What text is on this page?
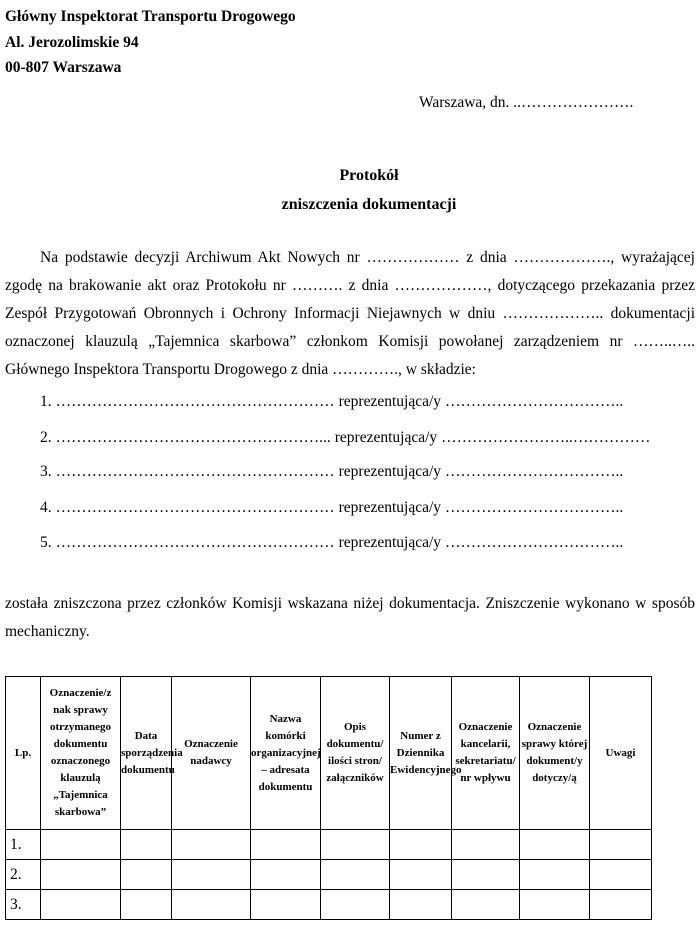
Główny Inspektorat Transportu Drogowego
Al. Jerozolimskie 94
00-807 Warszawa
Warszawa, dn. ..………………….
Protokół
zniszczenia dokumentacji

Na podstawie decyzji Archiwum Akt Nowych nr ……………… z dnia ………………., wyrażającej zgodę na brakowanie akt oraz Protokołu nr ………. z dnia ………………, dotyczącego przekazania przez Zespół Przygotowań Obronnych i Ochrony Informacji Niejawnych w dniu ……………….. dokumentacji oznaczonej klauzulą „Tajemnica skarbowa” członkom Komisji powołanej zarządzeniem nr ……..….. Głównego Inspektora Transportu Drogowego z dnia …………., w składzie:

1. ……………………………………………… reprezentująca/y ……………………………..
2. ……………………………………………... reprezentująca/y ……………………..……………
3. ……………………………………………… reprezentująca/y ……………………………..
4. ……………………………………………… reprezentująca/y ……………………………..
5. ……………………………………………… reprezentująca/y ……………………………..

została zniszczona przez członków Komisji wskazana niżej dokumentacja. Zniszczenie wykonano w sposób mechaniczny.

Lp.	Oznaczenie/z nak sprawy otrzymanego dokumentu oznaczonego klauzulą „Tajemnica skarbowa”	Data sporządzenia dokumentu	Oznaczenie nadawcy	Nazwa komórki organizacyjnej – adresata dokumentu	Opis dokumentu/ ilości stron/ załączników	Numer z Dziennika Ewidencyjnego	Oznaczenie kancelarii, sekretariatu/ nr wpływu	Oznaczenie sprawy której dokument/y dotyczy/ą	Uwagi
1.									
2.									
3.									
